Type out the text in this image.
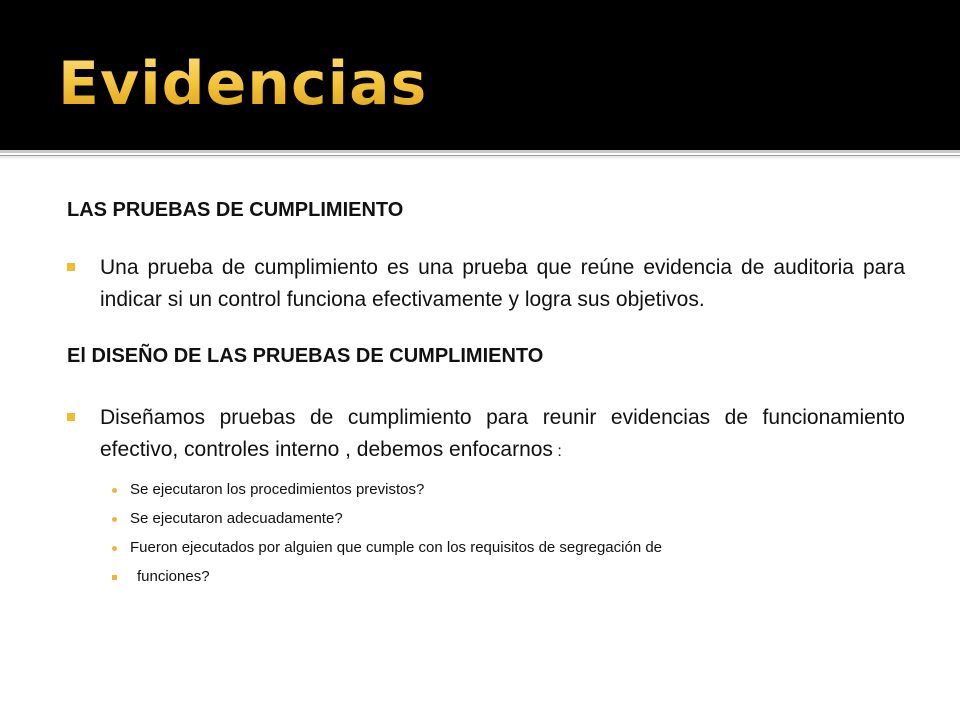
Evidencias
LAS PRUEBAS DE CUMPLIMIENTO

Una prueba de cumplimiento es una prueba que reúne evidencia de auditoria para indicar si un control funciona efectivamente y logra sus objetivos.

El DISEÑO DE LAS PRUEBAS DE CUMPLIMIENTO

Diseñamos pruebas de cumplimiento para reunir evidencias de funcionamiento efectivo, controles interno , debemos enfocarnos :

Se ejecutaron los procedimientos previstos?
Se ejecutaron adecuadamente?
Fueron ejecutados por alguien que cumple con los requisitos de segregación de
funciones?
